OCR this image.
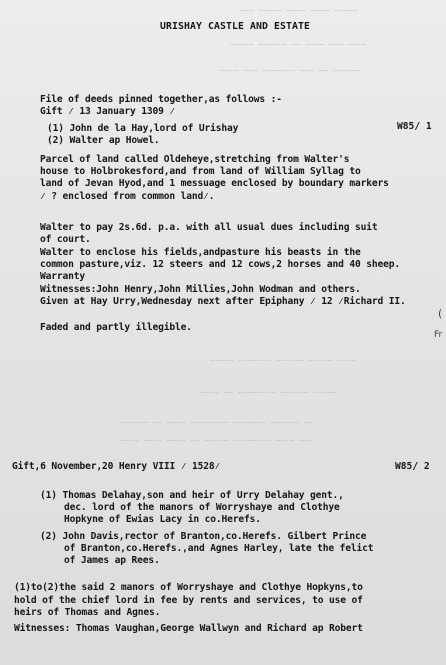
~~~ ~~~~~ ~~~~ ~~~~ ~~~~~
~~~~~ ~~~~~~ ~~ ~~~~ ~~~ ~~~~
~~~~ ~~~ ~~~~~~~ ~~~ ~~ ~~~~~~
~~~~~ ~~~~~~~ ~~~~~~ ~~~~~ ~~~~
~~~~ ~~ ~~~~~~~~ ~~~~~~ ~~~~~
~~~~~~ ~~ ~~~~ ~~~~~~~~ ~~~~~~~ ~~~~~~ ~~
~~~~ ~~~~ ~~~~ ~~ ~~~~~ ~~~~~~~~ ~~~~ ~~~
URISHAY CASTLE AND ESTATE
W85/ 1
File of deeds pinned together,as follows :-
Gift ⁄ 13 January 1309 ⁄
(1) John de la Hay,lord of Urishay
(2) Walter ap Howel.
Parcel of land called Oldeheye,stretching from Walter's
house to Holbrokesford,and from land of William Syllag to
land of Jevan Hyod,and 1 messuage enclosed by boundary markers
⁄ ? enclosed from common land⁄.
Walter to pay 2s.6d. p.a. with all usual dues including suit
of court.
Walter to enclose his fields,andpasture his beasts in the
common pasture,viz. 12 steers and 12 cows,2 horses and 40 sheep.
Warranty
Witnesses:John Henry,John Millies,John Wodman and others.
Given at Hay Urry,Wednesday next after Epiphany ⁄ 12 ⁄Richard II.
Faded and partly illegible.
(
Fr
Gift,6 November,20 Henry VIII ⁄ 1528⁄	W85/ 2
(1) Thomas Delahay,son and heir of Urry Delahay gent.,
dec. lord of the manors of Worryshaye and Clothye
Hopkyne of Ewias Lacy in co.Herefs.
(2) John Davis,rector of Branton,co.Herefs. Gilbert Prince
of Branton,co.Herefs.,and Agnes Harley, late the felict
of James ap Rees.
(1)to(2)the said 2 manors of Worryshaye and Clothye Hopkyns,to
hold of the chief lord in fee by rents and services, to use of
heirs of Thomas and Agnes.
Witnesses: Thomas Vaughan,George Wallwyn and Richard ap Robert
